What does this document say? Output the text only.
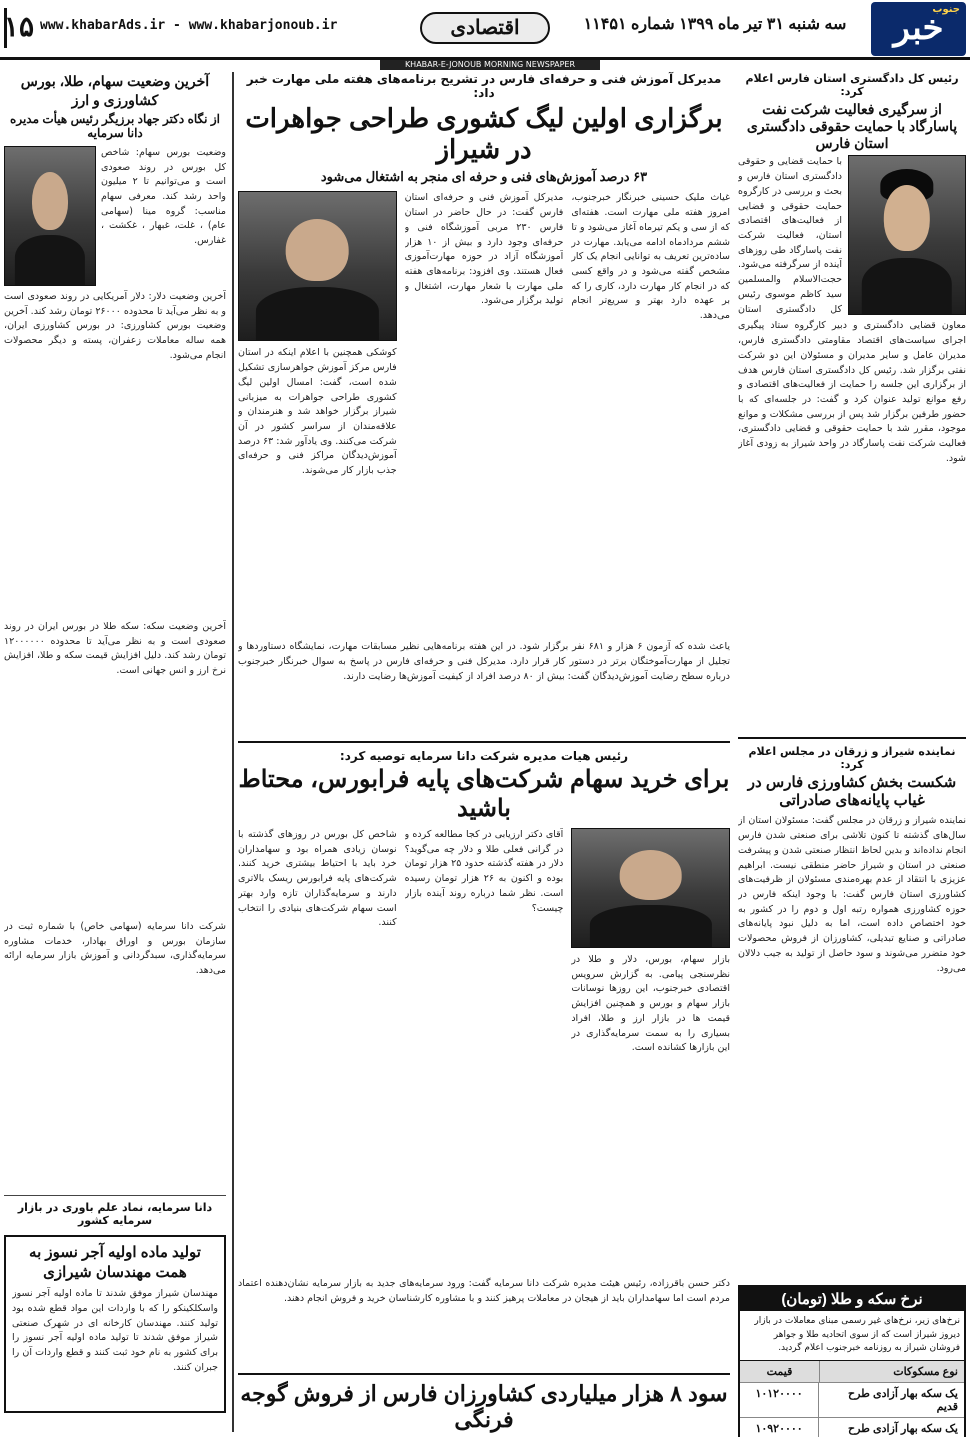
خبر
جنوب
سه شنبه ۳۱ تیر ماه ۱۳۹۹ شماره ۱۱۴۵۱
اقتصادی
www.khabarAds.ir - www.khabarjonoub.ir
۱۵
KHABAR-E-JONOUB MORNING NEWSPAPER
رئیس کل دادگستری استان فارس اعلام کرد:
از سرگیری فعالیت شرکت نفت پاسارگاد با حمایت حقوقی دادگستری استان فارس
با حمایت قضایی و حقوقی دادگستری استان فارس و بحث و بررسی در کارگروه حمایت حقوقی و قضایی از فعالیت‌های اقتصادی استان، فعالیت شرکت نفت پاسارگاد طی روزهای آینده از سرگرفته می‌شود. حجت‌الاسلام والمسلمین سید کاظم موسوی رئیس کل دادگستری استان
معاون قضایی دادگستری و دبیر کارگروه ستاد پیگیری اجرای سیاست‌های اقتصاد مقاومتی دادگستری فارس، مدیران عامل و سایر مدیران و مسئولان این دو شرکت نفتی برگزار شد. رئیس کل دادگستری استان فارس هدف از برگزاری این جلسه را حمایت از فعالیت‌های اقتصادی و رفع موانع تولید عنوان کرد و گفت: در جلسه‌ای که با حضور طرفین برگزار شد پس از بررسی مشکلات و موانع موجود، مقرر شد با حمایت حقوقی و قضایی دادگستری، فعالیت شرکت نفت پاسارگاد در واحد شیراز به زودی آغاز شود.
نماینده شیراز و زرقان در مجلس اعلام کرد:
شکست بخش کشاورزی فارس در غیاب پایانه‌های صادراتی
نماینده شیراز و زرقان در مجلس گفت: مسئولان استان از سال‌های گذشته تا کنون تلاشی برای صنعتی شدن فارس انجام نداده‌اند و بدین لحاظ انتظار صنعتی شدن و پیشرفت صنعتی در استان و شیراز حاضر منطقی نیست. ابراهیم عزیزی با انتقاد از عدم بهره‌مندی مسئولان از ظرفیت‌های کشاورزی استان فارس گفت: با وجود اینکه فارس در حوزه کشاورزی همواره رتبه اول و دوم را در کشور به خود اختصاص داده است، اما به دلیل نبود پایانه‌های صادراتی و صنایع تبدیلی، کشاورزان از فروش محصولات خود متضرر می‌شوند و سود حاصل از تولید به جیب دلالان می‌رود.
نرخ سکه و طلا (تومان)
نرخ‌های زیر، نرخ‌های غیر رسمی مبنای معاملات در بازار دیروز شیراز است که از سوی اتحادیه طلا و جواهر فروشان شیراز به روزنامه خبرجنوب اعلام گردید.
نوع مسکوکات
قیمت
یک سکه بهار آزادی طرح قدیم
۱۰۱۲۰۰۰۰
یک سکه بهار آزادی طرح
۱۰۹۲۰۰۰۰
مدیرکل آموزش فنی و حرفه‌ای فارس در تشریح برنامه‌های هفته ملی مهارت خبر داد:
برگزاری اولین لیگ کشوری طراحی جواهرات در شیراز
۶۳ درصد آموزش‌های فنی و حرفه ای منجر به اشتغال می‌شود
غیاث ملیک حسینی خبرنگار خبرجنوب، امروز هفته ملی مهارت است. هفته‌ای که از سی و یکم تیرماه آغاز می‌شود و تا ششم مردادماه ادامه می‌یابد. مهارت در ساده‌ترین تعریف به توانایی انجام یک کار مشخص گفته می‌شود و در واقع کسی که در انجام کار مهارت دارد، کاری را که بر عهده دارد بهتر و سریع‌تر انجام می‌دهد.
مدیرکل آموزش فنی و حرفه‌ای استان فارس گفت: در حال حاضر در استان فارس ۲۳۰ مربی آموزشگاه فنی و حرفه‌ای وجود دارد و بیش از ۱۰ هزار آموزشگاه آزاد در حوزه مهارت‌آموزی فعال هستند. وی افزود: برنامه‌های هفته ملی مهارت با شعار مهارت، اشتغال و تولید برگزار می‌شود.
کوشکی همچنین با اعلام اینکه در استان فارس مرکز آموزش جواهرسازی تشکیل شده است، گفت: امسال اولین لیگ کشوری طراحی جواهرات به میزبانی شیراز برگزار خواهد شد و هنرمندان و علاقه‌مندان از سراسر کشور در آن شرکت می‌کنند. وی یادآور شد: ۶۳ درصد آموزش‌دیدگان مراکز فنی و حرفه‌ای جذب بازار کار می‌شوند.
یاعث شده که آزمون ۶ هزار و ۶۸۱ نفر برگزار شود. در این هفته برنامه‌هایی نظیر مسابقات مهارت، نمایشگاه دستاوردها و تجلیل از مهارت‌آموختگان برتر در دستور کار قرار دارد. مدیرکل فنی و حرفه‌ای فارس در پاسخ به سوال خبرنگار خبرجنوب درباره سطح رضایت آموزش‌دیدگان گفت: بیش از ۸۰ درصد افراد از کیفیت آموزش‌ها رضایت دارند.
رئیس هیات مدیره شرکت دانا سرمایه توصیه کرد:
برای خرید سهام شرکت‌های پایه فرابورس، محتاط باشید
بازار سهام، بورس، دلار و طلا در نظرسنجی پیامی. به گزارش سرویس اقتصادی خبرجنوب، این روزها نوسانات بازار سهام و بورس و همچنین افزایش قیمت ها در بازار ارز و طلا، افراد بسیاری را به سمت سرمایه‌گذاری در این بازارها کشانده است.
آقای دکتر ارزیابی در کجا مطالعه کرده و در گرانی فعلی طلا و دلار چه می‌گوید؟ دلار در هفته گذشته حدود ۲۵ هزار تومان بوده و اکنون به ۲۶ هزار تومان رسیده است. نظر شما درباره روند آینده بازار چیست؟
شاخص کل بورس در روزهای گذشته با نوسان زیادی همراه بود و سهامداران خرد باید با احتیاط بیشتری خرید کنند. شرکت‌های پایه فرابورس ریسک بالاتری دارند و سرمایه‌گذاران تازه وارد بهتر است سهام شرکت‌های بنیادی را انتخاب کنند.
دکتر حسن باقرزاده، رئیس هیئت مدیره شرکت دانا سرمایه گفت: ورود سرمایه‌های جدید به بازار سرمایه نشان‌دهنده اعتماد مردم است اما سهامداران باید از هیجان در معاملات پرهیز کنند و با مشاوره کارشناسان خرید و فروش انجام دهند.
سود ۸ هزار میلیاردی کشاورزان فارس از فروش گوجه فرنگی
آخرین وضعیت سهام، طلا، بورس کشاورزی و ارز
از نگاه دکتر جهاد برزیگر رئیس هیأت مدیره دانا سرمایه
وضعیت بورس سهام: شاخص کل بورس در روند صعودی است و می‌توانیم تا ۲ میلیون واحد رشد کند. معرفی سهام مناسب: گروه مینا (سهامی عام) ، غلت، غبهار ، غکشت ، غفارس.
آخرین وضعیت دلار: دلار آمریکایی در روند صعودی است و به نظر می‌آید تا محدوده ۲۶۰۰۰ تومان رشد کند. آخرین وضعیت بورس کشاورزی: در بورس کشاورزی ایران، همه ساله معاملات زعفران، پسته و دیگر محصولات انجام می‌شود.
آخرین وضعیت سکه: سکه طلا در بورس ایران در روند صعودی است و به نظر می‌آید تا محدوده ۱۲۰۰۰۰۰۰ تومان رشد کند. دلیل افزایش قیمت سکه و طلا، افزایش نرخ ارز و انس جهانی است.
شرکت دانا سرمایه (سهامی خاص) با شماره ثبت در سازمان بورس و اوراق بهادار، خدمات مشاوره سرمایه‌گذاری، سبدگردانی و آموزش بازار سرمایه ارائه می‌دهد.
دانا سرمایه، نماد علم باوری در بازار سرمایه کشور
تولید ماده اولیه آجر نسوز به همت مهندسان شیرازی
مهندسان شیراز موفق شدند تا ماده اولیه آجر نسوز واسکلکینکو را که با واردات این مواد قطع شده بود تولید کنند. مهندسان کارخانه ای در شهرک صنعتی شیراز موفق شدند تا تولید ماده اولیه آجر نسوز را برای کشور به نام خود ثبت کنند و قطع واردات آن را جبران کنند.
